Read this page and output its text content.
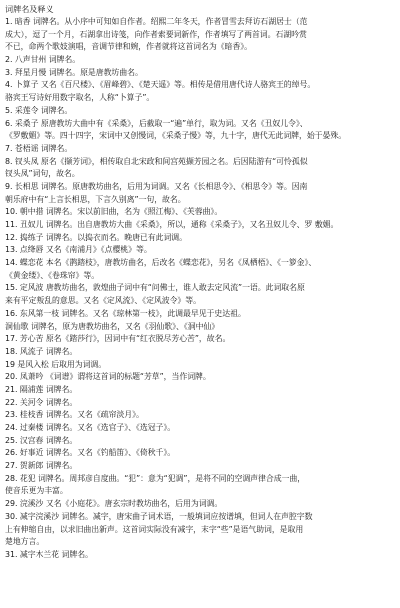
词牌名及释义
1. 暗香 词牌名。从小序中可知如自作者。绍熙二年冬天，作者冒雪去拜访石湖居士（范
成大），逗了一个月，石湖拿出诗笺，向作者索要词新作，作者填写了两首词。石湖吟赏
不已，命两个歌妓演唱，音调节律和婉，作者就将这首词名为《暗香》。
2. 八声甘州 词牌名。
3. 拜星月慢 词牌名。原是唐教坊曲名。
4. 卜算子 又名《百尺楼》、《眉峰碧》、《楚天遥》等。相传是借用唐代诗人骆宾王的绰号。
骆宾王写诗好用数字取名，人称“卜算子”。
5. 采莲令 词牌名。
6. 采桑子 原唐教坊大曲中有《采桑》，后截取一“遍”单行，取为词。又名《丑奴儿令》、
《罗敷媚》等。四十四字，宋词中又创慢词，《采桑子慢》等，九十字，唐代无此词牌，始于晏殊。
7. 苍梧谣 词牌名。
8. 钗头凤 原名《撷芳词》，相传取自北宋政和间宫苑撷芳园之名。后因陆游有“可怜孤似
钗头凤”词句，故名。
9. 长相思 词牌名。原唐教坊曲名，后用为词调。又名《长相思令》、《相思令》等。因南
朝乐府中有“上言长相思，下言久别离”一句，故名。
10. 朝中措 词牌名。宋以前旧曲，名为《照江梅》、《芙蓉曲》。
11. 丑奴儿 词牌名。出自唐教坊大曲《采桑》，所以，通称《采桑子》，又名丑奴儿令、罗 敷媚。
12. 捣练子 词牌名。以捣衣而名。晚唐已有此词调。
13. 点绛唇 又名《南浦月》《点樱桃》等。
14. 蝶恋花 本名《鹊踏枝》，唐教坊曲名，后改名《蝶恋花》，另名《凤栖梧》、《一箩金》、
《黄金缕》、《卷珠帘》等。
15. 定风波 唐教坊曲名，敦煌曲子词中有“问佛士，谁人敢去定风流”一语。此词取名原
来有平定叛乱的意思。又名《定风流》、《定风波令》等。
16. 东风第一枝 词牌名。又名《琼林第一枝》，此调最早见于史达祖。
洞仙歌 词牌名，原为唐教坊曲名，又名《羽仙歌》、《洞中仙》
17. 芳心苦 原名《踏莎行》，因词中有“红衣脱尽芳心苦”，故名。
18. 风流子 词牌名。
19 是风入松 后取用为词调。
20. 凤萧吟 《词谱》谓将这首词的标题“芳草”，当作词牌。
21. 隔浦莲 词牌名。
22. 关河令 词牌名。
23. 桂枝香 词牌名。又名《疏帘淡月》。
24. 过秦楼 词牌名。又名《选官子》、《选冠子》。
25. 汉宫春 词牌名。
26. 好事近 词牌名。又名《钓船笛》、《倚秋千》。
27. 贺新郎 词牌名。
28. 花犯 词牌名。周邦彦自度曲。“犯”：意为“犯调”，是将不同的空调声律合成一曲，
使音乐更为丰富。
29. 浣溪沙 又名《小庭花》。唐玄宗时教坊曲名，后用为词调。
30. 减字浣溪沙 词牌名。减字，唐宋曲子词术语，一般填词应按谱填，但词人在声腔字数
上有伸缩自由，以求旧曲出新声。这首词实际没有减字，末字“些”是语气助词，是取用
楚地方言。
31. 减字木兰花 词牌名。
